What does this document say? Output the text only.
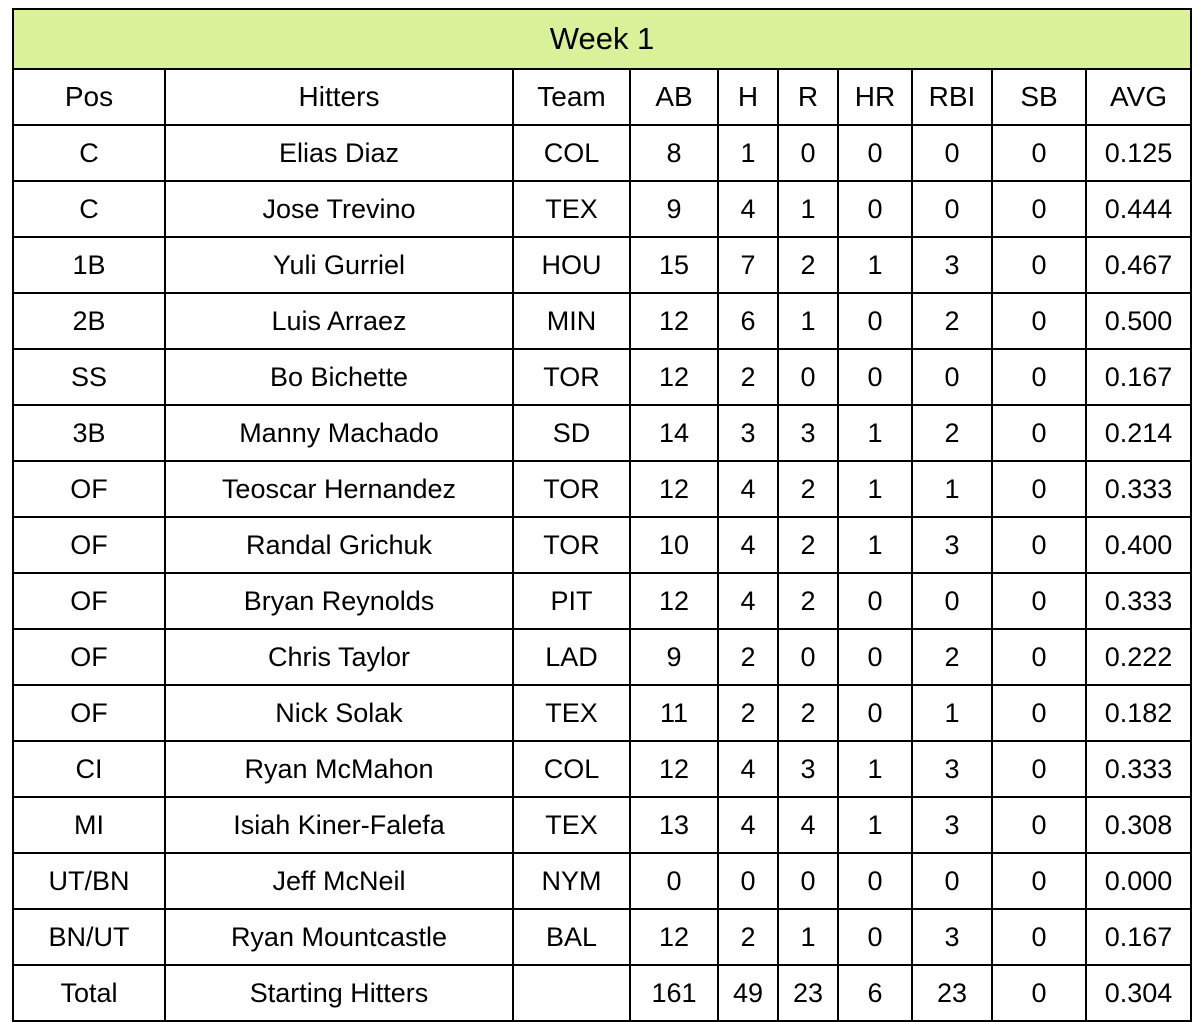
Week 1									
Pos	Hitters	Team	AB	H	R	HR	RBI	SB	AVG
C	Elias Diaz	COL	8	1	0	0	0	0	0.125
C	Jose Trevino	TEX	9	4	1	0	0	0	0.444
1B	Yuli Gurriel	HOU	15	7	2	1	3	0	0.467
2B	Luis Arraez	MIN	12	6	1	0	2	0	0.500
SS	Bo Bichette	TOR	12	2	0	0	0	0	0.167
3B	Manny Machado	SD	14	3	3	1	2	0	0.214
OF	Teoscar Hernandez	TOR	12	4	2	1	1	0	0.333
OF	Randal Grichuk	TOR	10	4	2	1	3	0	0.400
OF	Bryan Reynolds	PIT	12	4	2	0	0	0	0.333
OF	Chris Taylor	LAD	9	2	0	0	2	0	0.222
OF	Nick Solak	TEX	11	2	2	0	1	0	0.182
CI	Ryan McMahon	COL	12	4	3	1	3	0	0.333
MI	Isiah Kiner-Falefa	TEX	13	4	4	1	3	0	0.308
UT/BN	Jeff McNeil	NYM	0	0	0	0	0	0	0.000
BN/UT	Ryan Mountcastle	BAL	12	2	1	0	3	0	0.167
Total	Starting Hitters		161	49	23	6	23	0	0.304
